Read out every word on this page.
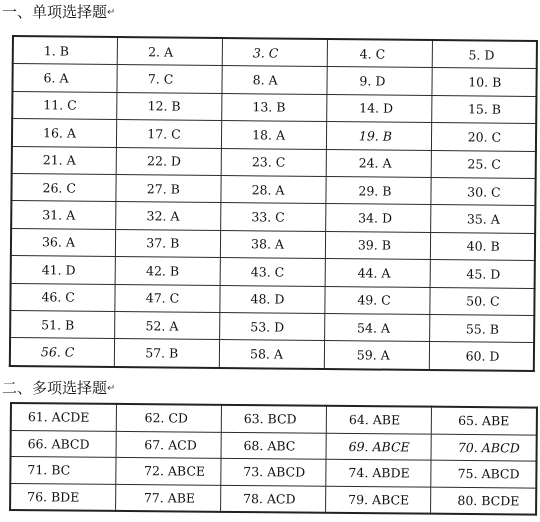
一、单项选择题↵
1. B	2. A	3. C	4. C	5. D
6. A	7. C	8. A	9. D	10. B
11. C	12. B	13. B	14. D	15. B
16. A	17. C	18. A	19. B	20. C
21. A	22. D	23. C	24. A	25. C
26. C	27. B	28. A	29. B	30. C
31. A	32. A	33. C	34. D	35. A
36. A	37. B	38. A	39. B	40. B
41. D	42. B	43. C	44. A	45. D
46. C	47. C	48. D	49. C	50. C
51. B	52. A	53. D	54. A	55. B
56. C	57. B	58. A	59. A	60. D
二、多项选择题↵
61. ACDE	62. CD	63. BCD	64. ABE	65. ABE
66. ABCD	67. ACD	68. ABC	69. ABCE	70. ABCD
71. BC	72. ABCE	73. ABCD	74. ABDE	75. ABCD
76. BDE	77. ABE	78. ACD	79. ABCE	80. BCDE
